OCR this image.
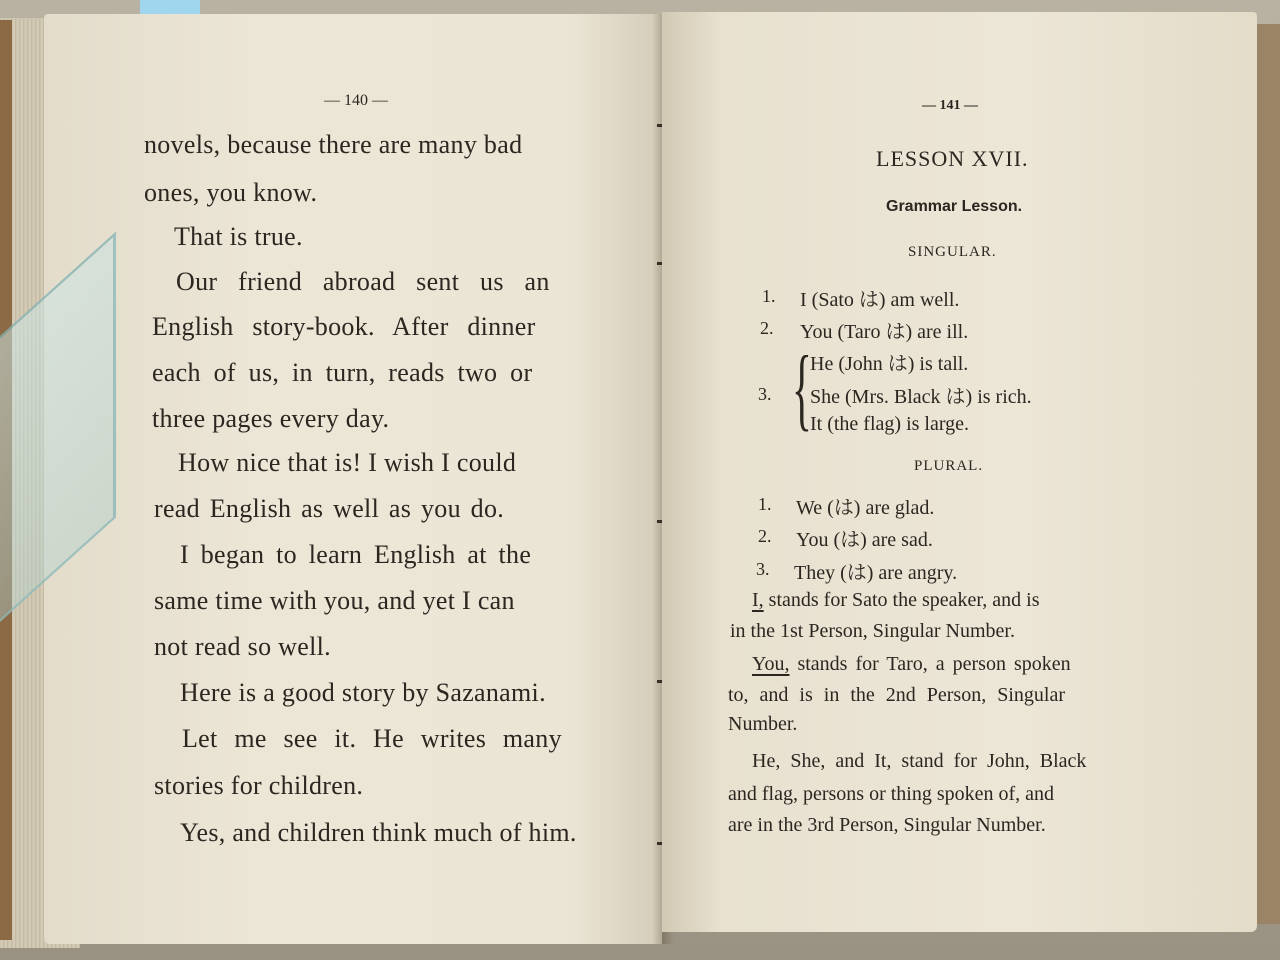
— 140 —
novels, because there are many bad
ones, you know.
That is true.
Our friend abroad sent us an
English story-book. After dinner
each of us, in turn, reads two or
three pages every day.
How nice that is! I wish I could
read English as well as you do.
I began to learn English at the
same time with you, and yet I can
not read so well.
Here is a good story by Sazanami.
Let me see it. He writes many
stories for children.
Yes, and children think much of him.
— 141 —
LESSON XVII.
Grammar Lesson.
SINGULAR.
1. I (Sato は) am well.
2. You (Taro は) are ill.
{
3.
He (John は) is tall.
She (Mrs. Black は) is rich.
It (the flag) is large.
PLURAL.
1. We (は) are glad.
2. You (は) are sad.
3. They (は) are angry.
I, stands for Sato the speaker, and is
in the 1st Person, Singular Number.
You, stands for Taro, a person spoken
to, and is in the 2nd Person, Singular
Number.
He, She, and It, stand for John, Black
and flag, persons or thing spoken of, and
are in the 3rd Person, Singular Number.
